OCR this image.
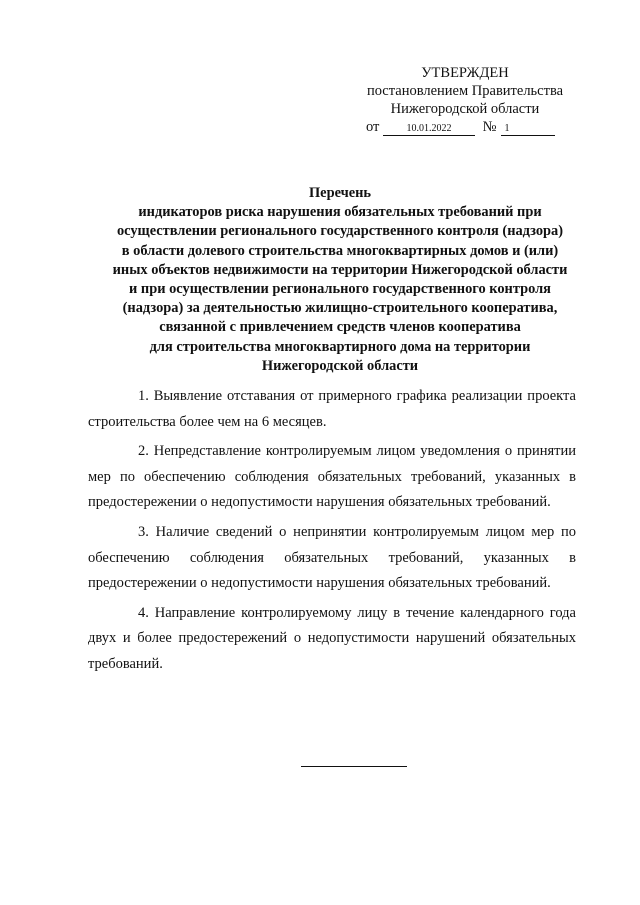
УТВЕРЖДЕН
постановлением Правительства
Нижегородской области
от	10.01.2022 № 1
Перечень
индикаторов риска нарушения обязательных требований при
осуществлении регионального государственного контроля (надзора)
в области долевого строительства многоквартирных домов и (или)
иных объектов недвижимости на территории Нижегородской области
и при осуществлении регионального государственного контроля
(надзора) за деятельностью жилищно-строительного кооператива,
связанной с привлечением средств членов кооператива
для строительства многоквартирного дома на территории
Нижегородской области

1. Выявление отставания от примерного графика реализации проекта строительства более чем на 6 месяцев.

2. Непредставление контролируемым лицом уведомления о принятии мер по обеспечению соблюдения обязательных требований, указанных в предостережении о недопустимости нарушения обязательных требований.

3. Наличие сведений о непринятии контролируемым лицом мер по обеспечению соблюдения обязательных требований, указанных в предостережении о недопустимости нарушения обязательных требований.

4. Направление контролируемому лицу в течение календарного года двух и более предостережений о недопустимости нарушений обязательных требований.
